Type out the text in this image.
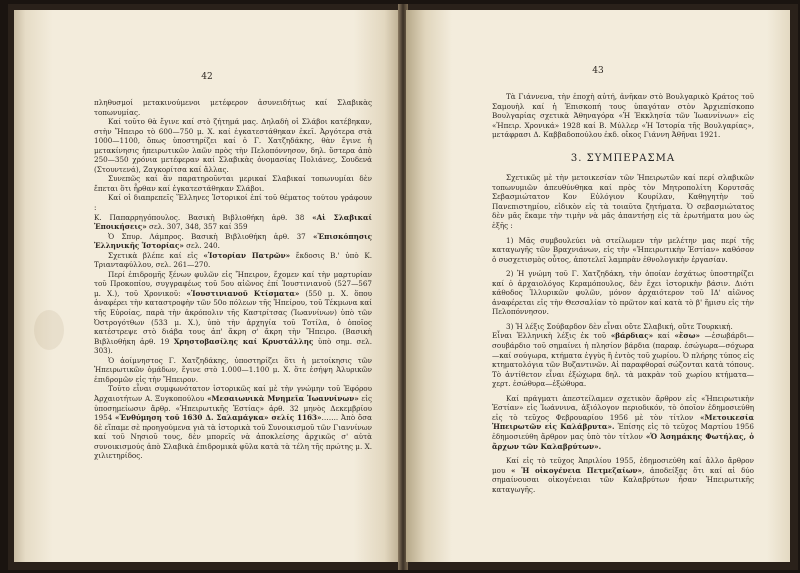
42

πληθυσμοί μετακινούμενοι μετέφερον ἀσυνειδήτως καί Σλαβικὰς τοπωνυμίας.

Καί τοῦτο θὰ ἔγινε καί στὸ ζήτημά μας. Δηλαδὴ οἱ Σλάβοι κατέβηκαν, στὴν Ἤπειρο τὸ 600—750 μ. Χ. καί ἐγκατεστάθηκαν ἐκεῖ. Ἀργότερα στὰ 1000—1100, ὅπως ὑποστηρίζει καί ὁ Γ. Χατζηδάκης, θὰν ἔγινε ἡ μετακίνησις ἠπειρωτικῶν λαῶν πρὸς τὴν Πελοπόννησον, δηλ. ὕστερα ἀπὸ 250—350 χρόνια μετέφεραν καί Σλαβικὰς ὀνομασίας Πολιάνες, Σουδενά (Στουντενά), Ζαγκορίτσα καί ἄλλας.

Συνεπῶς καί ἂν παρατηροῦνται μερικαί Σλαβικαί τοπωνυμίαι δὲν ἔπεται ὅτι ἦρθαν καί ἐγκατεστάθηκαν Σλάβοι.

Καί οἱ διαπρεπεῖς Ἕλληνες Ἱστορικοί ἐπί τοῦ θέματος τούτου γράφουν :

Κ. Παπαρρηγόπουλος. Βασικὴ Βιβλιοθήκη ἀρθ. 38 «Αἱ Σλαβικαί Ἐποικήσεις» σελ. 307, 348, 357 καί 359

Ὁ Σπυρ. Λάμπρος. Βασικὴ Βιβλιοθήκη ἀρθ. 37 «Ἐπισκόπησις Ἑλληνικῆς Ἱστορίας» σελ. 240.

Σχετικὰ βλέπε καί εἰς «Ἱστορίαν Πατρῶν» ἔκδοσις Β.' ὑπὸ Κ. Τριανταφύλλου, σελ. 261—270.

Περί ἐπιδρομῆς ξένων φυλῶν εἰς Ἤπειρον, ἔχομεν καί τὴν μαρτυρίαν τοῦ Προκοπίου, συγγραφέως τοῦ 5ου αἰῶνος ἐπί Ἰουστινιανοῦ (527—567 μ. Χ.), τοῦ Χρονικοῦ: «Ἰουστινιανοῦ Κτίσματα» (550 μ. Χ. ὅπου ἀναφέρει τὴν καταστροφὴν τῶν 50ο πόλεων τῆς Ἠπείρου, τοῦ Τέκμωνα καί τῆς Εὐροίας, παρὰ τὴν ἀκρόπολιν τῆς Καστρίτσας (Ἰωαννίνων) ὑπὸ τῶν Ὀστρογότθων (533 μ. Χ.), ὑπὸ τὴν ἀρχηγία τοῦ Τοτίλα, ὁ ὁποῖος κατέστρεψε στὸ διάβα τους ἀπ' ἄκρη σ' ἄκρη τὴν Ἤπειρο. (Βασικὴ Βιβλιοθήκη ἀρθ. 19 Χρηστοβασίλης καί Κρυστάλλης ὑπὸ σημ. σελ. 303).

Ὁ ἀοίμνηστος Γ. Χατζηδάκης, ὑποστηρίζει ὅτι ἡ μετοίκησις τῶν Ἠπειρωτικῶν ὁμάδων, ἔγινε στὸ 1.000—1.100 μ. Χ. ὅτε ἐσήψη Ἀλυρικῶν ἐπιδρομῶν εἰς τὴν Ἤπειρον.

Τοῦτο εἶναι συμφωνότατον ἱστορικῶς καί μὲ τὴν γνώμην τοῦ Ἐφόρου Ἀρχαιοτήτων Α. Ξυγκοπούλου «Μεσαιωνικὰ Μνημεῖα Ἰωαννίνων» εἰς ὑποσημείωσιν ἄρθρ. «Ἠπειρωτικῆς Ἑστίας» ἀρθ. 32 μηνὸς Δεκεμβρίου 1954 «Ἐνθύμηση τοῦ 1630 Δ. Σαλαμάγκα» σελίς 1163»……. Ἀπὸ ὅσα δὲ εἴπαμε σὲ προηγούμενα γιὰ τὰ ἱστορικὰ τοῦ Συνοικισμοῦ τῶν Γιαννίνων καί τοῦ Νησιοῦ τους, δὲν μπορεῖς νὰ ἀποκλείσης ἀρχικῶς σ' αὐτὰ συνοικισμούς ἀπὸ Σλαβικὰ ἐπιδρομικὰ φῦλα κατὰ τὰ τέλη τῆς πρώτης μ. Χ. χιλιετηρίδος.

43

Τὰ Γιάννενα, τὴν ἐποχὴ αὐτή, ἀνῆκαν στὸ Βουλγαρικὸ Κράτος τοῦ Σαμουὴλ καί ἡ Ἐπισκοπή τους ὑπαγόταν στὸν Ἀρχιεπίσκοπο Βουλγαρίας σχετικὰ Ἀθηναγόρα «Ἡ Ἐκκλησία τῶν Ἰωαννίνων» εἰς «Ἠπειρ. Χρονικά» 1928 καί Β. Μύλλερ «Ἡ Ἱστορία τῆς Βουλγαρίας», μετάφρασι Δ. Καββαδοπούλου ἐκδ. οἴκος Γιάννη Ἀθῆναι 1921.

3. ΣΥΜΠΕΡΑΣΜΑ

Σχετικῶς μὲ τὴν μετοικεσίαν τῶν Ἠπειρωτῶν καί περί σλαβικῶν τοπωνυμιῶν ἀπευθύνθηκα καί πρὸς τὸν Μητροπολίτη Κορυτσᾶς Σεβασμιώτατον Κον Εὐλόγιον Κουρίλαν, Καθηγητὴν τοῦ Πανεπιστημίου, εἰδικὸν εἰς τὰ τοιαῦτα ζητήματα. Ὁ σεβασμιώτατος δὲν μᾶς ἔκαμε τὴν τιμὴν νὰ μᾶς ἀπαντήσῃ εἰς τὰ ἐρωτήματα μου ὡς ἑξῆς :

1) Μᾶς συμβουλεύει νὰ στείλωμεν τὴν μελέτην μας περί τῆς καταγωγῆς τῶν Βραχνιάνων, εἰς τὴν «Ἠπειρωτικὴν Ἑστίαν» καθόσον ὁ συσχετισμὸς οὗτος, ἀποτελεῖ λαμπρὰν ἐθνολογικὴν ἐργασίαν.

2) Ἡ γνώμη τοῦ Γ. Χατζηδάκη, τὴν ὁποίαν ἐσχάτως ὑποστηρίζει καί ὁ ἀρχαιολόγος Κεραμόπουλος, δὲν ἔχει ἱστορικὴν βάσιν. Διότι κάθοδος Ἰλλυρικῶν φυλῶν, μόνον ἀρχαιότερον τοῦ ΙΔ' αἰῶνος ἀναφέρεται εἰς τὴν Θεσσαλίαν τὸ πρῶτον καί κατὰ τὸ β' ἥμισυ εἰς τὴν Πελοπόννησον.

3) Ἡ λέξις Σούβαρδον δὲν εἶναι οὔτε Σλαβική, οὔτε Τουρκική.

Εἶναι Ἑλληνικὴ λέξις ἐκ τοῦ «βάρδιας» καί «ἔσω» —ἐσωβάρδι—σουβάρδιο τοῦ σημαίνει ἡ πλησίον βάρδια (παραφ. ἐσώγωρα—σόχωρα—καί σούγωρα, κτήματα ἐγγὺς ἢ ἐντὸς τοῦ χωρίου. Ὁ πλήρης τύπος εἰς κτηματολόγια τῶν Βυζαντινῶν. Αἱ παραφθοραί σώζονται κατὰ τόπους. Τὸ ἀντίθετον εἶναι ἐξώχωρα δηλ. τὰ μακρὰν τοῦ χωρίου κτήματα—χερτ. ἐσώθυρα—ἐξώθυρα.

Καί πράγματι ἀπεστείλαμεν σχετικὸν ἄρθρον εἰς «Ἠπειρωτικὴν Ἑστίαν» εἰς Ἰωάννινα, ἀξιόλογον περιοδικόν, τὸ ὁποῖον ἐδημοσιεύθη εἰς τὸ τεῦχος Φεβρουαρίου 1956 μὲ τὸν τίτλον «Μετοικεσία Ἠπειρωτῶν εἰς Καλάβρυτα». Ἐπίσης εἰς τὸ τεῦχος Μαρτίου 1956 ἐδημοσιεύθη ἄρθρον μας ὑπὸ τὸν τίτλον «Ὁ Ἀσημάκης Φωτήλας, ὁ ἄρχων τῶν Καλαβρύτων».

Καί εἰς τὸ τεῦχος Ἀπριλίου 1955, ἐδημοσιεύθη καί ἄλλο ἄρθρον μου « Ἡ οἰκογένεια Πετμεζαίων», ἀποδείξας ὅτι καί αἱ δύο σημαίνουσαι οἰκογένειαι τῶν Καλαβρύτων ἦσαν Ἠπειρωτικῆς καταγωγῆς.
